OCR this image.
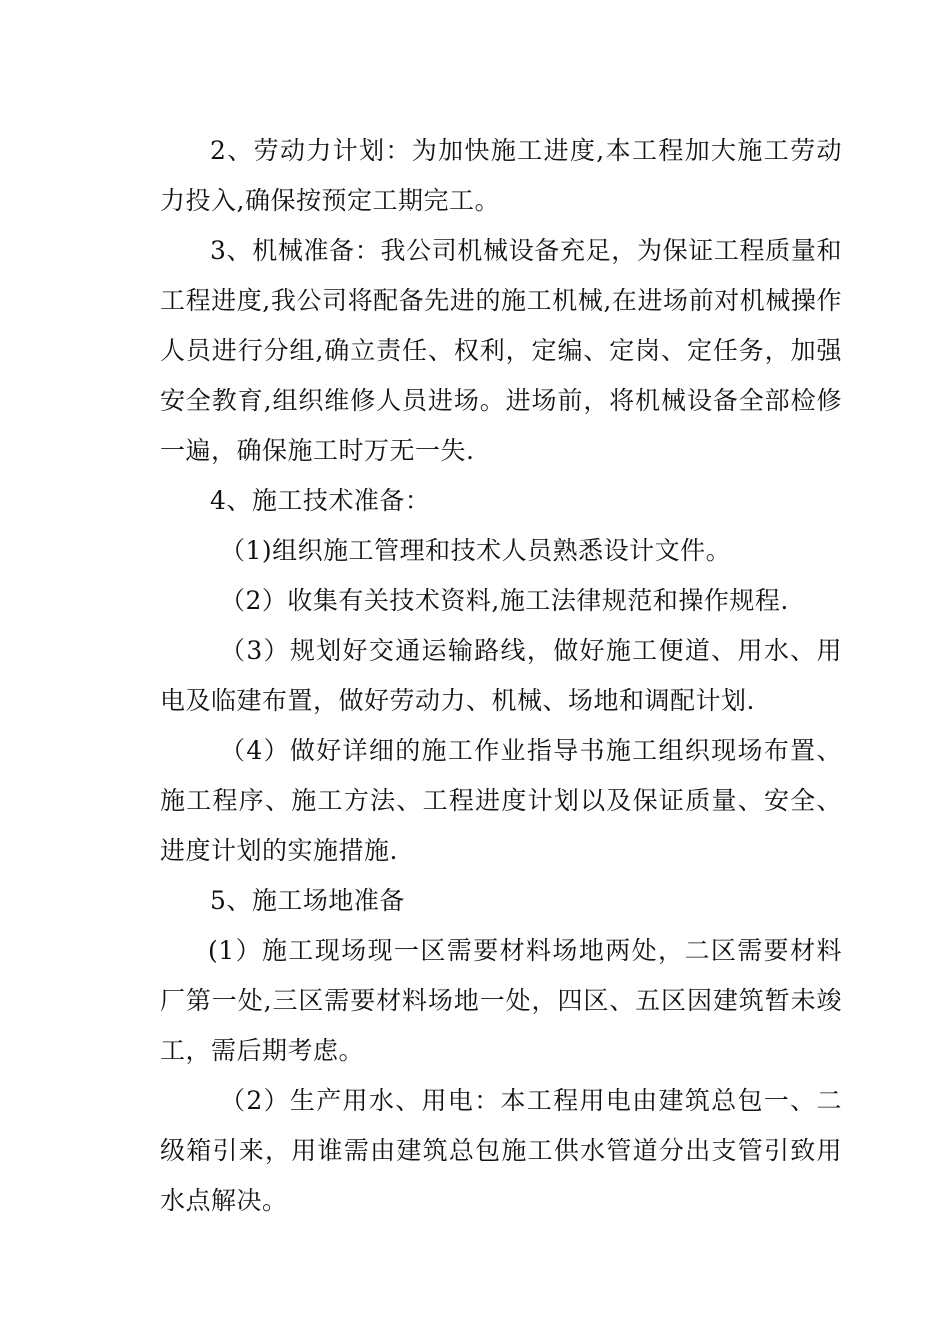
2、劳动力计划：为加快施工进度,本工程加大施工劳动力投入,确保按预定工期完工。

3、机械准备：我公司机械设备充足，为保证工程质量和工程进度,我公司将配备先进的施工机械,在进场前对机械操作人员进行分组,确立责任、权利，定编、定岗、定任务，加强安全教育,组织维修人员进场。进场前，将机械设备全部检修一遍，确保施工时万无一失.

4、施工技术准备：

（1)组织施工管理和技术人员熟悉设计文件。

（2）收集有关技术资料,施工法律规范和操作规程.

（3）规划好交通运输路线，做好施工便道、用水、用电及临建布置，做好劳动力、机械、场地和调配计划.

（4）做好详细的施工作业指导书施工组织现场布置、施工程序、施工方法、工程进度计划以及保证质量、安全、进度计划的实施措施.

5、施工场地准备

(1）施工现场现一区需要材料场地两处，二区需要材料厂第一处,三区需要材料场地一处，四区、五区因建筑暂未竣工，需后期考虑。

（2）生产用水、用电：本工程用电由建筑总包一、二级箱引来，用谁需由建筑总包施工供水管道分出支管引致用水点解决。
